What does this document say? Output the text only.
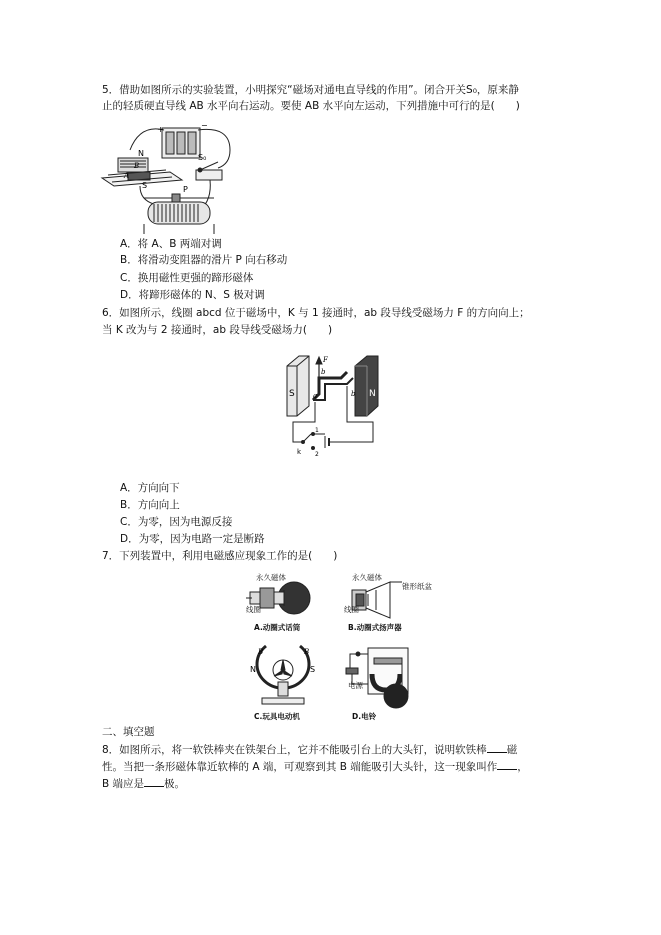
5．借助如图所示的实验装置，小明探究“磁场对通电直导线的作用”。闭合开关S₀，原来静
止的轻质硬直导线 AB 水平向右运动。要使 AB 水平向左运动，下列措施中可行的是(　　)
+	−
N
A
B
S
S₀
P
A．将 A、B 两端对调
B．将滑动变阻器的滑片 P 向右移动
C．换用磁性更强的蹄形磁体
D．将蹄形磁体的 N、S 极对调
6．如图所示，线圈 abcd 位于磁场中，K 与 1 接通时，ab 段导线受磁场力 F 的方向向上；
当 K 改为与 2 接通时，ab 段导线受磁场力(　　)
S	N
a
F
b
b
k
1
2
A．方向向下
B．方向向上
C．为零，因为电源反接
D．为零，因为电路一定是断路
7．下列装置中，利用电磁感应现象工作的是(　　)
永久磁体
线圈
A.动圈式话筒
永久磁体
锥形纸盆
线圈
B.动圈式扬声器
N	S
B	B
C.玩具电动机
电源
D.电铃
二、填空题
8．如图所示，将一软铁棒夹在铁架台上，它并不能吸引台上的大头钉，说明软铁棒 磁
性。当把一条形磁体靠近软棒的 A 端，可观察到其 B 端能吸引大头针，这一现象叫作 ，
B 端应是 极。
